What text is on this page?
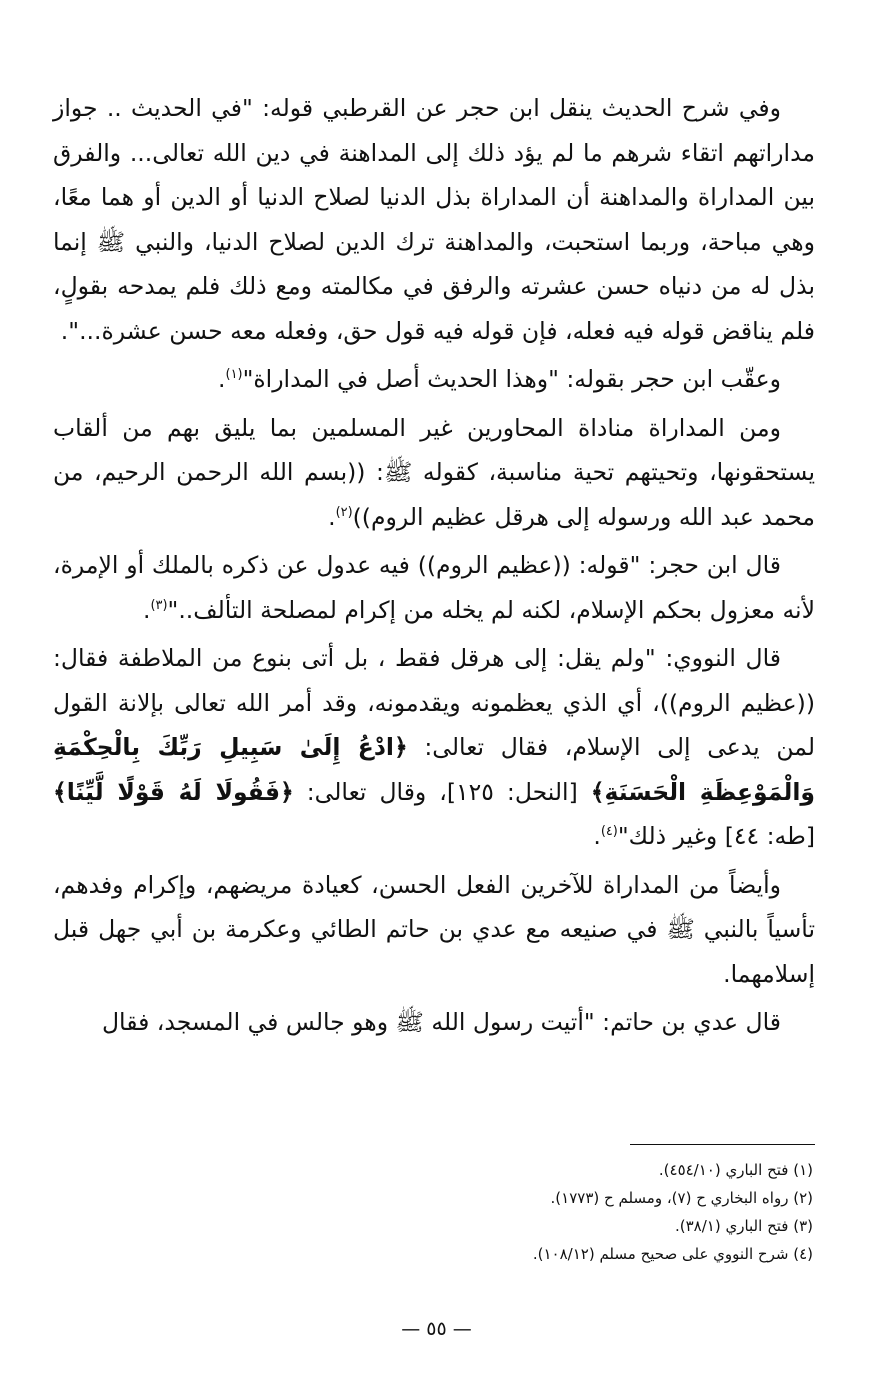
وفي شرح الحديث ينقل ابن حجر عن القرطبي قوله: "في الحديث .. جواز مداراتهم اتقاء شرهم ما لم يؤد ذلك إلى المداهنة في دين الله تعالى... والفرق بين المداراة والمداهنة أن المداراة بذل الدنيا لصلاح الدنيا أو الدين أو هما معًا، وهي مباحة، وربما استحبت، والمداهنة ترك الدين لصلاح الدنيا، والنبي ﷺ إنما بذل له من دنياه حسن عشرته والرفق في مكالمته ومع ذلك فلم يمدحه بقولٍ، فلم يناقض قوله فيه فعله، فإن قوله فيه قول حق، وفعله معه حسن عشرة...".

وعقّب ابن حجر بقوله: "وهذا الحديث أصل في المداراة"$^{(١)}$.

ومن المداراة مناداة المحاورين غير المسلمين بما يليق بهم من ألقاب يستحقونها، وتحيتهم تحية مناسبة، كقوله ﷺ: ((بسم الله الرحمن الرحيم، من محمد عبد الله ورسوله إلى هرقل عظيم الروم))$^{(٢)}$.

قال ابن حجر: "قوله: ((عظيم الروم)) فيه عدول عن ذكره بالملك أو الإمرة، لأنه معزول بحكم الإسلام، لكنه لم يخله من إكرام لمصلحة التألف.."$^{(٣)}$.

قال النووي: "ولم يقل: إلى هرقل فقط ، بل أتى بنوع من الملاطفة فقال: ((عظيم الروم))، أي الذي يعظمونه ويقدمونه، وقد أمر الله تعالى بإلانة القول لمن يدعى إلى الإسلام، فقال تعالى: ﴿ادْعُ إِلَىٰ سَبِيلِ رَبِّكَ بِالْحِكْمَةِ وَالْمَوْعِظَةِ الْحَسَنَةِ﴾ [النحل: ١٢٥]، وقال تعالى: ﴿فَقُولَا لَهُ قَوْلًا لَّيِّنًا﴾ [طه: ٤٤] وغير ذلك"$^{(٤)}$.

وأيضاً من المداراة للآخرين الفعل الحسن، كعيادة مريضهم، وإكرام وفدهم، تأسياً بالنبي ﷺ في صنيعه مع عدي بن حاتم الطائي وعكرمة بن أبي جهل قبل إسلامهما.

قال عدي بن حاتم: "أتيت رسول الله ﷺ وهو جالس في المسجد، فقال

(١) فتح الباري (٤٥٤/١٠).
(٢) رواه البخاري ح (٧)، ومسلم ح (١٧٧٣).
(٣) فتح الباري (٣٨/١).
(٤) شرح النووي على صحيح مسلم (١٠٨/١٢).
— ٥٥ —
